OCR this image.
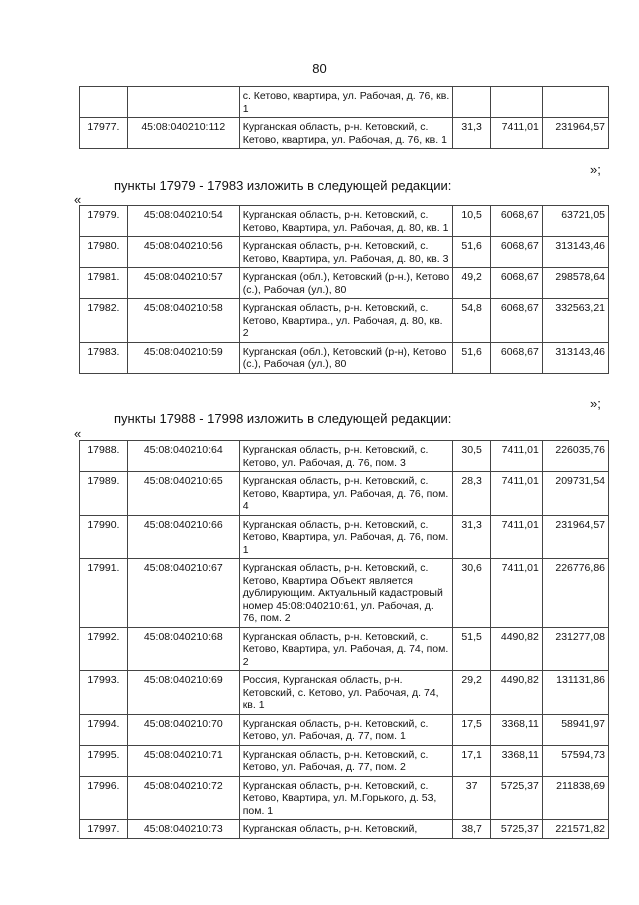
80
		с. Кетово, квартира, ул. Рабочая, д. 76, кв. 1			
17977.	45:08:040210:112	Курганская область, р-н. Кетовский, с. Кетово, квартира, ул. Рабочая, д. 76, кв. 1	31,3	7411,01	231964,57
»;
пункты 17979 - 17983 изложить в следующей редакции:
«
17979.	45:08:040210:54	Курганская область, р-н. Кетовский, с. Кетово, Квартира, ул. Рабочая, д. 80, кв. 1	10,5	6068,67	63721,05
17980.	45:08:040210:56	Курганская область, р-н. Кетовский, с. Кетово, Квартира, ул. Рабочая, д. 80, кв. 3	51,6	6068,67	313143,46
17981.	45:08:040210:57	Курганская (обл.), Кетовский (р-н.), Кетово (с.), Рабочая (ул.), 80	49,2	6068,67	298578,64
17982.	45:08:040210:58	Курганская область, р-н. Кетовский, с. Кетово, Квартира., ул. Рабочая, д. 80, кв. 2	54,8	6068,67	332563,21
17983.	45:08:040210:59	Курганская (обл.), Кетовский (р-н), Кетово (с.), Рабочая (ул.), 80	51,6	6068,67	313143,46
»;
пункты 17988 - 17998 изложить в следующей редакции:
«
17988.	45:08:040210:64	Курганская область, р-н. Кетовский, с. Кетово, ул. Рабочая, д. 76, пом. 3	30,5	7411,01	226035,76
17989.	45:08:040210:65	Курганская область, р-н. Кетовский, с. Кетово, Квартира, ул. Рабочая, д. 76, пом. 4	28,3	7411,01	209731,54
17990.	45:08:040210:66	Курганская область, р-н. Кетовский, с. Кетово, Квартира, ул. Рабочая, д. 76, пом. 1	31,3	7411,01	231964,57
17991.	45:08:040210:67	Курганская область, р-н. Кетовский, с. Кетово, Квартира Объект является дублирующим. Актуальный кадастровый номер 45:08:040210:61, ул. Рабочая, д. 76, пом. 2	30,6	7411,01	226776,86
17992.	45:08:040210:68	Курганская область, р-н. Кетовский, с. Кетово, Квартира, ул. Рабочая, д. 74, пом. 2	51,5	4490,82	231277,08
17993.	45:08:040210:69	Россия, Курганская область, р-н. Кетовский, с. Кетово, ул. Рабочая, д. 74, кв. 1	29,2	4490,82	131131,86
17994.	45:08:040210:70	Курганская область, р-н. Кетовский, с. Кетово, ул. Рабочая, д. 77, пом. 1	17,5	3368,11	58941,97
17995.	45:08:040210:71	Курганская область, р-н. Кетовский, с. Кетово, ул. Рабочая, д. 77, пом. 2	17,1	3368,11	57594,73
17996.	45:08:040210:72	Курганская область, р-н. Кетовский, с. Кетово, Квартира, ул. М.Горького, д. 53, пом. 1	37	5725,37	211838,69
17997.	45:08:040210:73	Курганская область, р-н. Кетовский,	38,7	5725,37	221571,82
